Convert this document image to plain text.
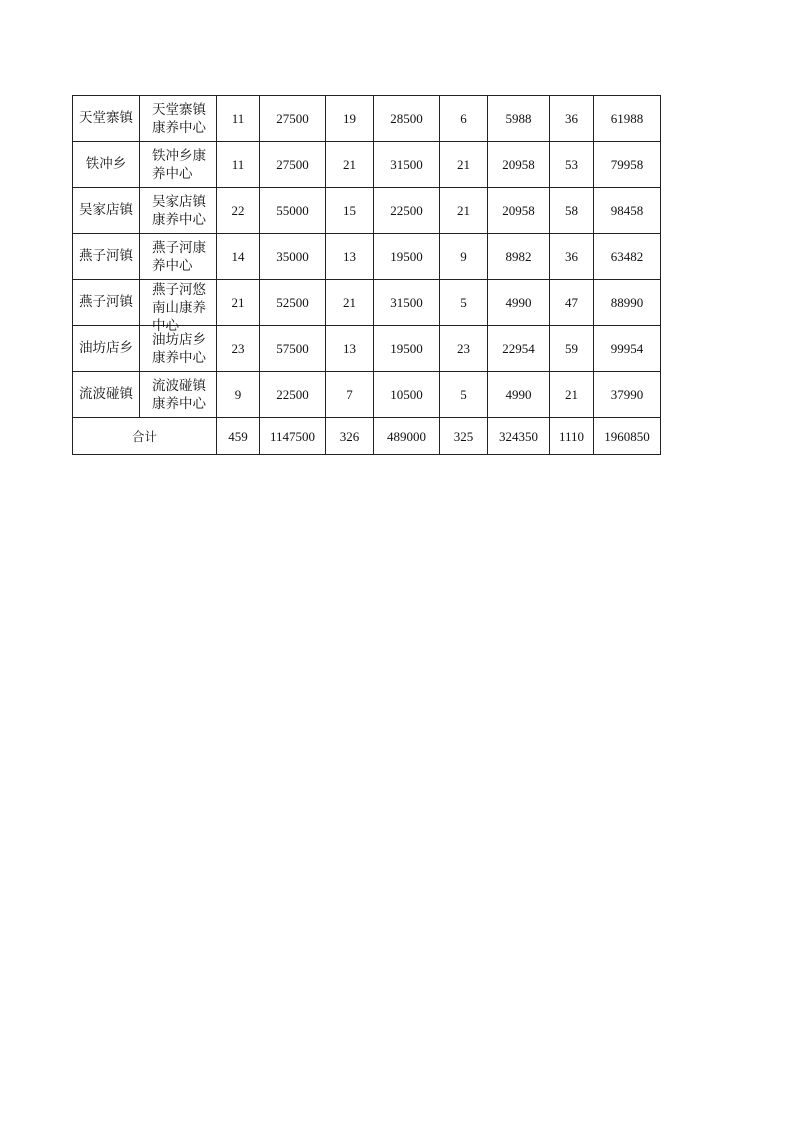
天堂寨镇	天堂寨镇康养中心	11	27500	19	28500	6	5988	36	61988
铁冲乡	铁冲乡康养中心	11	27500	21	31500	21	20958	53	79958
吴家店镇	吴家店镇康养中心	22	55000	15	22500	21	20958	58	98458
燕子河镇	燕子河康养中心	14	35000	13	19500	9	8982	36	63482
燕子河镇	燕子河悠南山康养中心	21	52500	21	31500	5	4990	47	88990
油坊店乡	油坊店乡康养中心	23	57500	13	19500	23	22954	59	99954
流波碰镇	流波碰镇康养中心	9	22500	7	10500	5	4990	21	37990
合计		459	1147500	326	489000	325	324350	1110	1960850
